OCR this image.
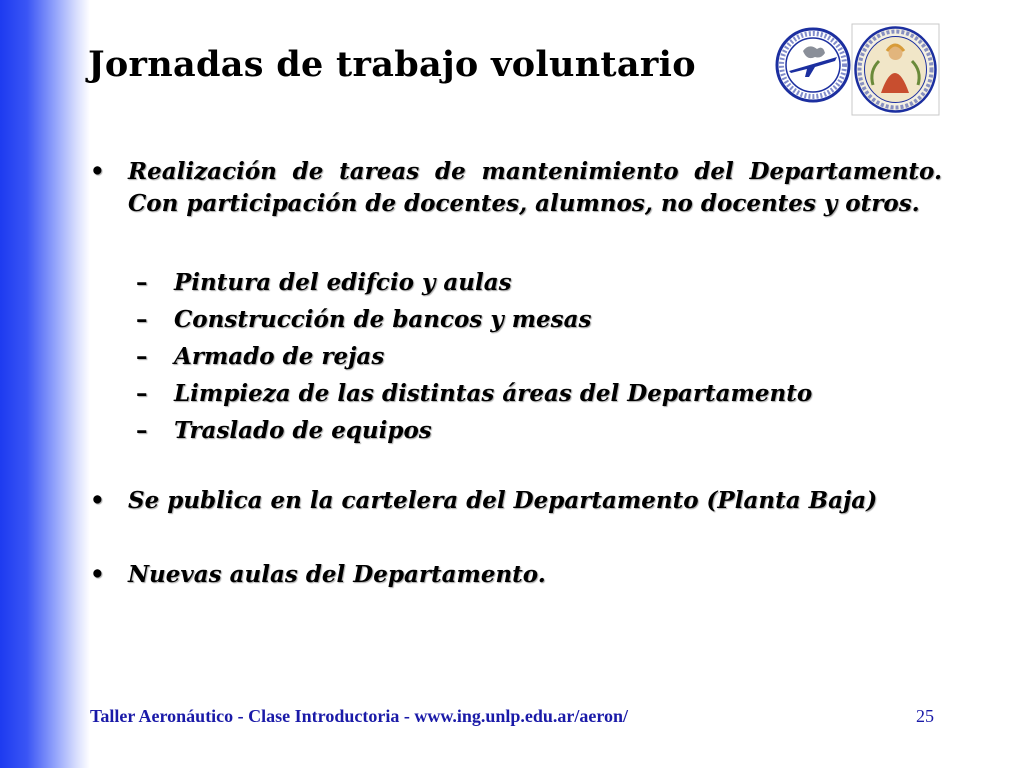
Jornadas de trabajo voluntario
• Realización de tareas de mantenimiento del Departamento. Con participación de docentes, alumnos, no docentes y otros.
– Pintura del edifcio y aulas
– Construcción de bancos y mesas
– Armado de rejas
– Limpieza de las distintas áreas del Departamento
– Traslado de equipos
• Se publica en la cartelera del Departamento (Planta Baja)
• Nuevas aulas del Departamento.
Taller Aeronáutico - Clase Introductoria - www.ing.unlp.edu.ar/aeron/	25
